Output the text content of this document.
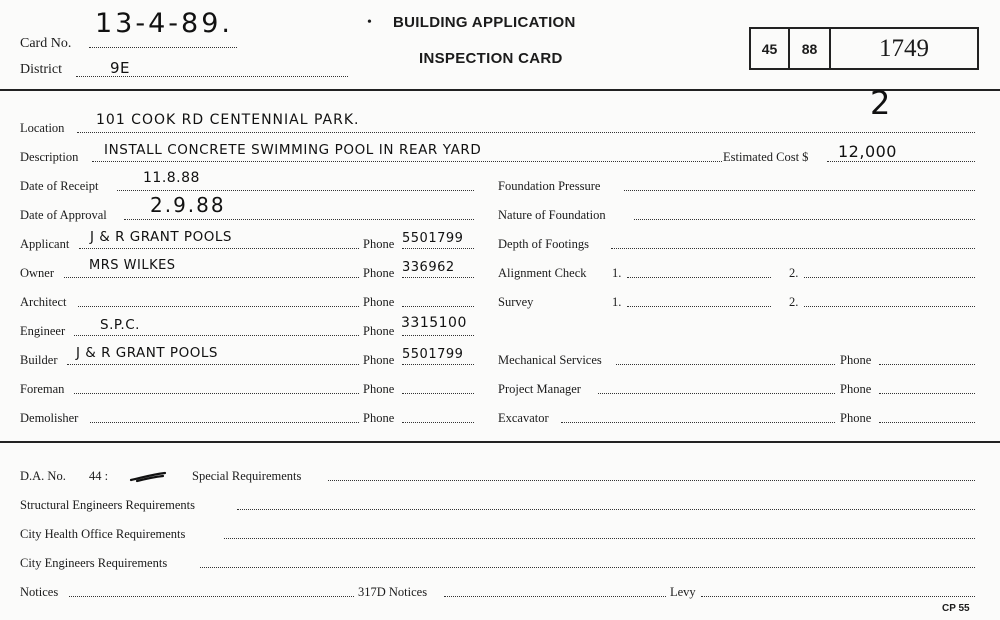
Card No.
13-4-89.
District	9E
• BUILDING APPLICATION
INSPECTION CARD
45 88 1749
2
Location 101 COOK RD CENTENNIAL PARK.
Description INSTALL CONCRETE SWIMMING POOL IN REAR YARD	Estimated Cost $ 12,000
Date of Receipt	11.8.88
Date of Approval 2.9.88
Applicant J & R GRANT POOLS	Phone 5501799
Owner	MRS WILKES	Phone 336962
Architect	Phone
Engineer	S.P.C.	Phone 3315100
Builder J & R GRANT POOLS	Phone 5501799
Foreman	Phone
Demolisher	Phone
Foundation Pressure
Nature of Foundation
Depth of Footings
Alignment Check 1.	2.
Survey	1.	2.
Mechanical Services	Phone
Project Manager	Phone
Excavator	Phone
D.A. No. 44 :	Special Requirements
Structural Engineers Requirements
City Health Office Requirements
City Engineers Requirements
Notices	317D Notices	Levy
CP 55
